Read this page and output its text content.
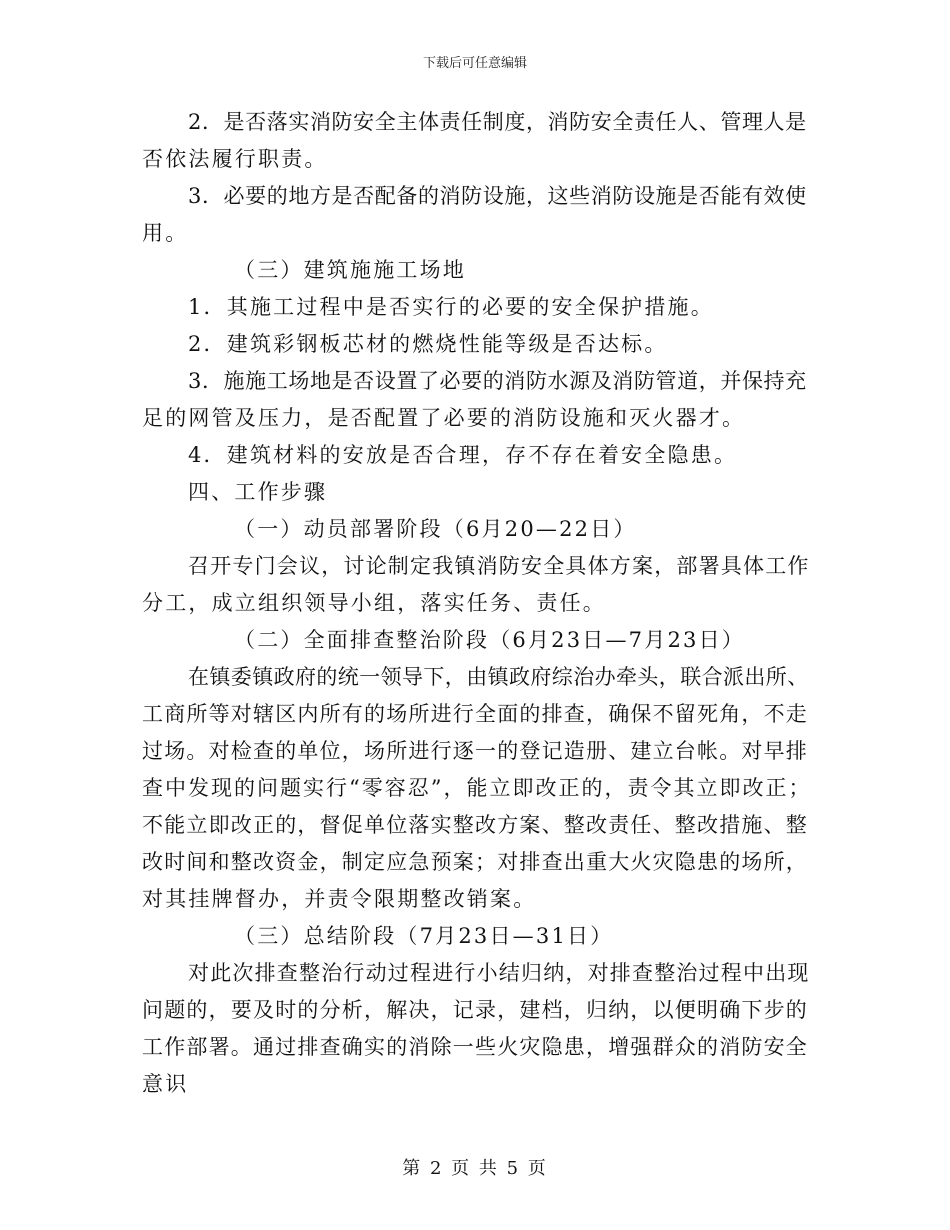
下载后可任意编辑
2．是否落实消防安全主体责任制度，消防安全责任人、管理人是
否依法履行职责。
3．必要的地方是否配备的消防设施，这些消防设施是否能有效使
用。
（三）建筑施施工场地
1．其施工过程中是否实行的必要的安全保护措施。
2．建筑彩钢板芯材的燃烧性能等级是否达标。
3．施施工场地是否设置了必要的消防水源及消防管道，并保持充
足的网管及压力，是否配置了必要的消防设施和灭火器才。
4．建筑材料的安放是否合理，存不存在着安全隐患。
四、工作步骤
（一）动员部署阶段（6月20—22日）
召开专门会议，讨论制定我镇消防安全具体方案，部署具体工作
分工，成立组织领导小组，落实任务、责任。
（二）全面排查整治阶段（6月23日—7月23日）
在镇委镇政府的统一领导下，由镇政府综治办牵头，联合派出所、
工商所等对辖区内所有的场所进行全面的排查，确保不留死角，不走
过场。对检查的单位，场所进行逐一的登记造册、建立台帐。对早排
查中发现的问题实行“零容忍”，能立即改正的，责令其立即改正；
不能立即改正的，督促单位落实整改方案、整改责任、整改措施、整
改时间和整改资金，制定应急预案；对排查出重大火灾隐患的场所，
对其挂牌督办，并责令限期整改销案。
（三）总结阶段（7月23日—31日）
对此次排查整治行动过程进行小结归纳，对排查整治过程中出现
问题的，要及时的分析，解决，记录，建档，归纳，以便明确下步的
工作部署。通过排查确实的消除一些火灾隐患，增强群众的消防安全
意识
第 2 页 共 5 页
